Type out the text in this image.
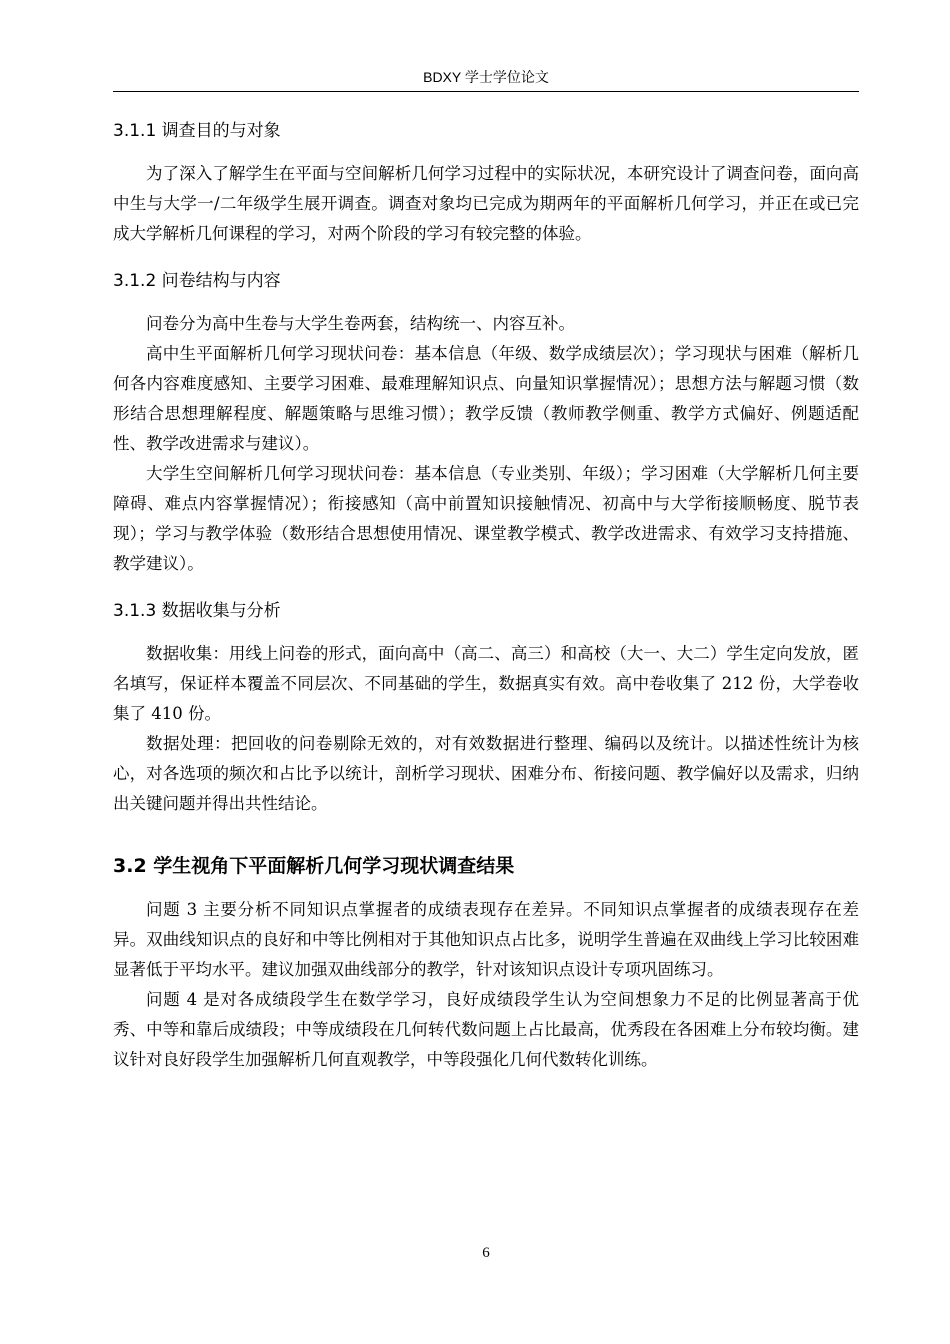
BDXY 学士学位论文
3.1.1 调查目的与对象

为了深入了解学生在平面与空间解析几何学习过程中的实际状况，本研究设计了调查问卷，面向高中生与大学一/二年级学生展开调查。调查对象均已完成为期两年的平面解析几何学习，并正在或已完成大学解析几何课程的学习，对两个阶段的学习有较完整的体验。

3.1.2 问卷结构与内容

问卷分为高中生卷与大学生卷两套，结构统一、内容互补。

高中生平面解析几何学习现状问卷：基本信息（年级、数学成绩层次）；学习现状与困难（解析几何各内容难度感知、主要学习困难、最难理解知识点、向量知识掌握情况）；思想方法与解题习惯（数形结合思想理解程度、解题策略与思维习惯）；教学反馈（教师教学侧重、教学方式偏好、例题适配性、教学改进需求与建议）。

大学生空间解析几何学习现状问卷：基本信息（专业类别、年级）；学习困难（大学解析几何主要障碍、难点内容掌握情况）；衔接感知（高中前置知识接触情况、初高中与大学衔接顺畅度、脱节表现）；学习与教学体验（数形结合思想使用情况、课堂教学模式、教学改进需求、有效学习支持措施、教学建议）。

3.1.3 数据收集与分析

数据收集：用线上问卷的形式，面向高中（高二、高三）和高校（大一、大二）学生定向发放，匿名填写，保证样本覆盖不同层次、不同基础的学生，数据真实有效。高中卷收集了 212 份，大学卷收集了 410 份。

数据处理：把回收的问卷剔除无效的，对有效数据进行整理、编码以及统计。以描述性统计为核心，对各选项的频次和占比予以统计，剖析学习现状、困难分布、衔接问题、教学偏好以及需求，归纳出关键问题并得出共性结论。

3.2 学生视角下平面解析几何学习现状调查结果

问题 3 主要分析不同知识点掌握者的成绩表现存在差异。不同知识点掌握者的成绩表现存在差异。双曲线知识点的良好和中等比例相对于其他知识点占比多，说明学生普遍在双曲线上学习比较困难显著低于平均水平。建议加强双曲线部分的教学，针对该知识点设计专项巩固练习。

问题 4 是对各成绩段学生在数学学习，良好成绩段学生认为空间想象力不足的比例显著高于优秀、中等和靠后成绩段；中等成绩段在几何转代数问题上占比最高，优秀段在各困难上分布较均衡。建议针对良好段学生加强解析几何直观教学，中等段强化几何代数转化训练。

6
